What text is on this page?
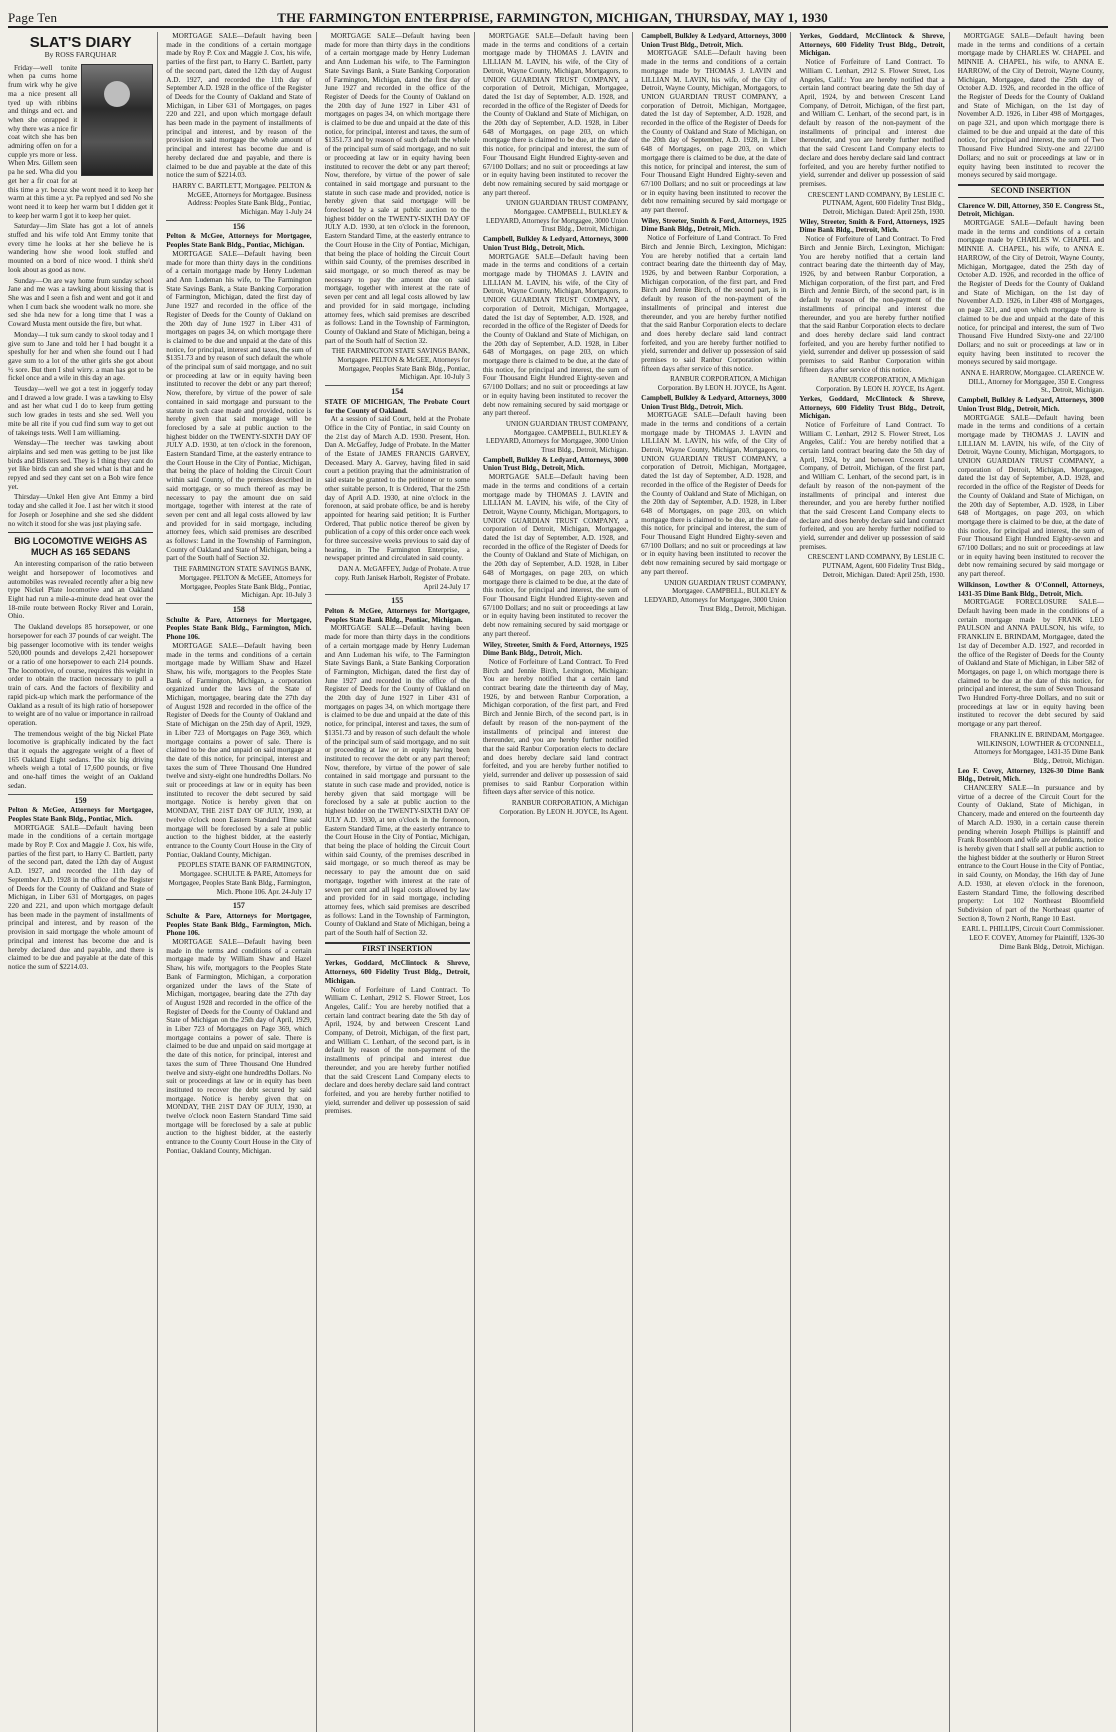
Page Ten	THE FARMINGTON ENTERPRISE, FARMINGTON, MICHIGAN, THURSDAY, MAY 1, 1930
SLAT'S DIARY
By ROSS FARQUHAR

Friday—well tonite when pa cums home frum wirk why he give ma a nice present all tyed up with ribbins and things and ect. and when she onrapped it why there was a nice fir coat witch she has ben admiring offen on for a cupple yrs more or less. When Mrs. Gillem seen pa he sed. Wha did you get her a fir coat for at this time a yr. becuz she wont need it to keep her warm at this time a yr. Pa replyed and sed No she wont need it to keep her warm but I didden get it to keep her warm I got it to keep her quiet.

Saturday—Jim Slate has got a lot of annels stuffed and his wife told Ant Emmy tonite that every time he looks at her she believe he is wandering how she wood look stuffed and mounted on a bord of nice wood. I think she'd look about as good as now.

Sunday—On are way home frum sunday school Jane and me was a tawking about kissing that is She was and I seen a fish and went and got it and when I cum back she woodent walk no more. she sed she hda new for a long time that I was a Coward Musta ment outside the fire, but what.

Monday—I tuk sum candy to skool today and I give sum to Jane and told her I had bought it a speshully for her and when she found out I had gave sum to a lot of the uther girls she got about ½ sore. But then I shul wirry. a man has got to be fickel once and a wile in this day an age.

Teusday—well we got a test in joggerfy today and I drawed a low grade. I was a tawking to Elsy and ast her what cud I do to keep frum getting such low grades in tests and she sed. Well you mite be all rite if you cud find sum way to get out of takeings tests. Well I am williaming.

Wensday—The teecher was tawking about airplains and sed men was getting to be just like birds and Blisters sed. They is I thing they cant do yet like birds can and she sed what is that and he repyed and sed they cant set on a Bob wire fence yet.

Thirsday—Unkel Hen give Ant Emmy a bird today and she called it Joe. I ast her witch it stood for Joseph or Josephine and she sed she diddent no witch it stood for she was just playing safe.

BIG LOCOMOTIVE WEIGHS AS MUCH AS 165 SEDANS

An interesting comparison of the ratio between weight and horsepower of locomotives and automobiles was revealed recently after a big new type Nickel Plate locomotive and an Oakland Eight had run a mile-a-minute dead heat over the 18-mile route between Rocky River and Lorain, Ohio.

The Oakland develops 85 horsepower, or one horsepower for each 37 pounds of car weight. The big passenger locomotive with its tender weighs 520,000 pounds and develops 2,421 horsepower or a ratio of one horsepower to each 214 pounds. The locomotive, of course, requires this weight in order to obtain the traction necessary to pull a train of cars. And the factors of flexibility and rapid pick-up which mark the performance of the Oakland as a result of its high ratio of horsepower to weight are of no value or importance in railroad operation.

The tremendous weight of the big Nickel Plate locomotive is graphically indicated by the fact that it equals the aggregate weight of a fleet of 165 Oakland Eight sedans. The six big driving wheels weigh a total of 17,600 pounds, or five and one-half times the weight of an Oakland sedan.

159
Pelton & McGee, Attorneys for Mortgagee, Peoples State Bank Bldg., Pontiac, Mich.

MORTGAGE SALE—Default having been made in the conditions of a certain mortgage made by Roy P. Cox and Maggie J. Cox, his wife, parties of the first part, to Harry C. Bartlett, party of the second part, dated the 12th day of August A.D. 1927, and recorded the 11th day of September A.D. 1928 in the office of the Register of Deeds for the County of Oakland and State of Michigan, in Liber 631 of Mortgages, on pages 220 and 221, and upon which mortgage default has been made in the payment of installments of principal and interest, and by reason of the provision in said mortgage the whole amount of principal and interest has become due and is hereby declared due and payable, and there is claimed to be due and payable at the date of this notice the sum of $2214.03.

MORTGAGE SALE—Default having been made in the conditions of a certain mortgage made by Roy P. Cox and Maggie J. Cox, his wife, parties of the first part, to Harry C. Bartlett, party of the second part, dated the 12th day of August A.D. 1927, and recorded the 11th day of September A.D. 1928 in the office of the Register of Deeds for the County of Oakland and State of Michigan, in Liber 631 of Mortgages, on pages 220 and 221, and upon which mortgage default has been made in the payment of installments of principal and interest, and by reason of the provision in said mortgage the whole amount of principal and interest has become due and is hereby declared due and payable, and there is claimed to be due and payable at the date of this notice the sum of $2214.03.

HARRY C. BARTLETT, Mortgagee. PELTON & McGEE, Attorneys for Mortgagee. Business Address: Peoples State Bank Bldg., Pontiac, Michigan. May 1-July 24
156
Pelton & McGee, Attorneys for Mortgagee, Peoples State Bank Bldg., Pontiac, Michigan.

MORTGAGE SALE—Default having been made for more than thirty days in the conditions of a certain mortgage made by Henry Ludeman and Ann Ludeman his wife, to The Farmington State Savings Bank, a State Banking Corporation of Farmington, Michigan, dated the first day of June 1927 and recorded in the office of the Register of Deeds for the County of Oakland on the 20th day of June 1927 in Liber 431 of mortgages on pages 34, on which mortgage there is claimed to be due and unpaid at the date of this notice, for principal, interest and taxes, the sum of $1351.73 and by reason of such default the whole of the principal sum of said mortgage, and no suit or proceeding at law or in equity having been instituted to recover the debt or any part thereof; Now, therefore, by virtue of the power of sale contained in said mortgage and pursuant to the statute in such case made and provided, notice is hereby given that said mortgage will be foreclosed by a sale at public auction to the highest bidder on the TWENTY-SIXTH DAY OF JULY A.D. 1930, at ten o'clock in the forenoon, Eastern Standard Time, at the easterly entrance to the Court House in the City of Pontiac, Michigan, that being the place of holding the Circuit Court within said County, of the premises described in said mortgage, or so much thereof as may be necessary to pay the amount due on said mortgage, together with interest at the rate of seven per cent and all legal costs allowed by law and provided for in said mortgage, including attorney fees, which said premises are described as follows: Land in the Township of Farmington, County of Oakland and State of Michigan, being a part of the South half of Section 32.

THE FARMINGTON STATE SAVINGS BANK, Mortgagee. PELTON & McGEE, Attorneys for Mortgagee, Peoples State Bank Bldg., Pontiac, Michigan. Apr. 10-July 3
158
Schulte & Pare, Attorneys for Mortgagee, Peoples State Bank Bldg., Farmington, Mich. Phone 106.

MORTGAGE SALE—Default having been made in the terms and conditions of a certain mortgage made by William Shaw and Hazel Shaw, his wife, mortgagors to the Peoples State Bank of Farmington, Michigan, a corporation organized under the laws of the State of Michigan, mortgagee, bearing date the 27th day of August 1928 and recorded in the office of the Register of Deeds for the County of Oakland and State of Michigan on the 25th day of April, 1929, in Liber 723 of Mortgages on Page 369, which mortgage contains a power of sale. There is claimed to be due and unpaid on said mortgage at the date of this notice, for principal, interest and taxes the sum of Three Thousand One Hundred twelve and sixty-eight one hundredths Dollars. No suit or proceedings at law or in equity has been instituted to recover the debt secured by said mortgage. Notice is hereby given that on MONDAY, THE 21ST DAY OF JULY, 1930, at twelve o'clock noon Eastern Standard Time said mortgage will be foreclosed by a sale at public auction to the highest bidder, at the easterly entrance to the County Court House in the City of Pontiac, Oakland County, Michigan.

PEOPLES STATE BANK OF FARMINGTON, Mortgagee. SCHULTE & PARE, Attorneys for Mortgagee, Peoples State Bank Bldg., Farmington, Mich. Phone 106. Apr. 24-July 17
157
Schulte & Pare, Attorneys for Mortgagee, Peoples State Bank Bldg., Farmington, Mich. Phone 106.

MORTGAGE SALE—Default having been made in the terms and conditions of a certain mortgage made by William Shaw and Hazel Shaw, his wife, mortgagors to the Peoples State Bank of Farmington, Michigan, a corporation organized under the laws of the State of Michigan, mortgagee, bearing date the 27th day of August 1928 and recorded in the office of the Register of Deeds for the County of Oakland and State of Michigan on the 25th day of April, 1929, in Liber 723 of Mortgages on Page 369, which mortgage contains a power of sale. There is claimed to be due and unpaid on said mortgage at the date of this notice, for principal, interest and taxes the sum of Three Thousand One Hundred twelve and sixty-eight one hundredths Dollars. No suit or proceedings at law or in equity has been instituted to recover the debt secured by said mortgage. Notice is hereby given that on MONDAY, THE 21ST DAY OF JULY, 1930, at twelve o'clock noon Eastern Standard Time said mortgage will be foreclosed by a sale at public auction to the highest bidder, at the easterly entrance to the County Court House in the City of Pontiac, Oakland County, Michigan.

MORTGAGE SALE—Default having been made for more than thirty days in the conditions of a certain mortgage made by Henry Ludeman and Ann Ludeman his wife, to The Farmington State Savings Bank, a State Banking Corporation of Farmington, Michigan, dated the first day of June 1927 and recorded in the office of the Register of Deeds for the County of Oakland on the 20th day of June 1927 in Liber 431 of mortgages on pages 34, on which mortgage there is claimed to be due and unpaid at the date of this notice, for principal, interest and taxes, the sum of $1351.73 and by reason of such default the whole of the principal sum of said mortgage, and no suit or proceeding at law or in equity having been instituted to recover the debt or any part thereof; Now, therefore, by virtue of the power of sale contained in said mortgage and pursuant to the statute in such case made and provided, notice is hereby given that said mortgage will be foreclosed by a sale at public auction to the highest bidder on the TWENTY-SIXTH DAY OF JULY A.D. 1930, at ten o'clock in the forenoon, Eastern Standard Time, at the easterly entrance to the Court House in the City of Pontiac, Michigan, that being the place of holding the Circuit Court within said County, of the premises described in said mortgage, or so much thereof as may be necessary to pay the amount due on said mortgage, together with interest at the rate of seven per cent and all legal costs allowed by law and provided for in said mortgage, including attorney fees, which said premises are described as follows: Land in the Township of Farmington, County of Oakland and State of Michigan, being a part of the South half of Section 32.

THE FARMINGTON STATE SAVINGS BANK, Mortgagee. PELTON & McGEE, Attorneys for Mortgagee, Peoples State Bank Bldg., Pontiac, Michigan. Apr. 10-July 3
154
STATE OF MICHIGAN, The Probate Court for the County of Oakland.

At a session of said Court, held at the Probate Office in the City of Pontiac, in said County on the 21st day of March A.D. 1930. Present, Hon. Dan A. McGaffey, Judge of Probate. In the Matter of the Estate of JAMES FRANCIS GARVEY, Deceased. Mary A. Garvey, having filed in said court a petition praying that the administration of said estate be granted to the petitioner or to some other suitable person, It is Ordered, That the 25th day of April A.D. 1930, at nine o'clock in the forenoon, at said probate office, be and is hereby appointed for hearing said petition; It is Further Ordered, That public notice thereof be given by publication of a copy of this order once each week for three successive weeks previous to said day of hearing, in The Farmington Enterprise, a newspaper printed and circulated in said county.

DAN A. McGAFFEY, Judge of Probate. A true copy. Ruth Janisek Harbolt, Register of Probate. April 24-July 17
155
Pelton & McGee, Attorneys for Mortgagee, Peoples State Bank Bldg., Pontiac, Michigan.

MORTGAGE SALE—Default having been made for more than thirty days in the conditions of a certain mortgage made by Henry Ludeman and Ann Ludeman his wife, to The Farmington State Savings Bank, a State Banking Corporation of Farmington, Michigan, dated the first day of June 1927 and recorded in the office of the Register of Deeds for the County of Oakland on the 20th day of June 1927 in Liber 431 of mortgages on pages 34, on which mortgage there is claimed to be due and unpaid at the date of this notice, for principal, interest and taxes, the sum of $1351.73 and by reason of such default the whole of the principal sum of said mortgage, and no suit or proceeding at law or in equity having been instituted to recover the debt or any part thereof; Now, therefore, by virtue of the power of sale contained in said mortgage and pursuant to the statute in such case made and provided, notice is hereby given that said mortgage will be foreclosed by a sale at public auction to the highest bidder on the TWENTY-SIXTH DAY OF JULY A.D. 1930, at ten o'clock in the forenoon, Eastern Standard Time, at the easterly entrance to the Court House in the City of Pontiac, Michigan, that being the place of holding the Circuit Court within said County, of the premises described in said mortgage, or so much thereof as may be necessary to pay the amount due on said mortgage, together with interest at the rate of seven per cent and all legal costs allowed by law and provided for in said mortgage, including attorney fees, which said premises are described as follows: Land in the Township of Farmington, County of Oakland and State of Michigan, being a part of the South half of Section 32.

FIRST INSERTION
Yerkes, Goddard, McClintock & Shreve, Attorneys, 600 Fidelity Trust Bldg., Detroit, Michigan.

Notice of Forfeiture of Land Contract. To William C. Lenhart, 2912 S. Flower Street, Los Angeles, Calif.: You are hereby notified that a certain land contract bearing date the 5th day of April, 1924, by and between Crescent Land Company, of Detroit, Michigan, of the first part, and William C. Lenhart, of the second part, is in default by reason of the non-payment of the installments of principal and interest due thereunder, and you are hereby further notified that the said Crescent Land Company elects to declare and does hereby declare said land contract forfeited, and you are hereby further notified to yield, surrender and deliver up possession of said premises.

MORTGAGE SALE—Default having been made in the terms and conditions of a certain mortgage made by THOMAS J. LAVIN and LILLIAN M. LAVIN, his wife, of the City of Detroit, Wayne County, Michigan, Mortgagors, to UNION GUARDIAN TRUST COMPANY, a corporation of Detroit, Michigan, Mortgagee, dated the 1st day of September, A.D. 1928, and recorded in the office of the Register of Deeds for the County of Oakland and State of Michigan, on the 20th day of September, A.D. 1928, in Liber 648 of Mortgages, on page 203, on which mortgage there is claimed to be due, at the date of this notice, for principal and interest, the sum of Four Thousand Eight Hundred Eighty-seven and 67/100 Dollars; and no suit or proceedings at law or in equity having been instituted to recover the debt now remaining secured by said mortgage or any part thereof.

UNION GUARDIAN TRUST COMPANY, Mortgagee. CAMPBELL, BULKLEY & LEDYARD, Attorneys for Mortgagee, 3000 Union Trust Bldg., Detroit, Michigan.
Campbell, Bulkley & Ledyard, Attorneys, 3000 Union Trust Bldg., Detroit, Mich.

MORTGAGE SALE—Default having been made in the terms and conditions of a certain mortgage made by THOMAS J. LAVIN and LILLIAN M. LAVIN, his wife, of the City of Detroit, Wayne County, Michigan, Mortgagors, to UNION GUARDIAN TRUST COMPANY, a corporation of Detroit, Michigan, Mortgagee, dated the 1st day of September, A.D. 1928, and recorded in the office of the Register of Deeds for the County of Oakland and State of Michigan, on the 20th day of September, A.D. 1928, in Liber 648 of Mortgages, on page 203, on which mortgage there is claimed to be due, at the date of this notice, for principal and interest, the sum of Four Thousand Eight Hundred Eighty-seven and 67/100 Dollars; and no suit or proceedings at law or in equity having been instituted to recover the debt now remaining secured by said mortgage or any part thereof.

UNION GUARDIAN TRUST COMPANY, Mortgagee. CAMPBELL, BULKLEY & LEDYARD, Attorneys for Mortgagee, 3000 Union Trust Bldg., Detroit, Michigan.
Campbell, Bulkley & Ledyard, Attorneys, 3000 Union Trust Bldg., Detroit, Mich.

MORTGAGE SALE—Default having been made in the terms and conditions of a certain mortgage made by THOMAS J. LAVIN and LILLIAN M. LAVIN, his wife, of the City of Detroit, Wayne County, Michigan, Mortgagors, to UNION GUARDIAN TRUST COMPANY, a corporation of Detroit, Michigan, Mortgagee, dated the 1st day of September, A.D. 1928, and recorded in the office of the Register of Deeds for the County of Oakland and State of Michigan, on the 20th day of September, A.D. 1928, in Liber 648 of Mortgages, on page 203, on which mortgage there is claimed to be due, at the date of this notice, for principal and interest, the sum of Four Thousand Eight Hundred Eighty-seven and 67/100 Dollars; and no suit or proceedings at law or in equity having been instituted to recover the debt now remaining secured by said mortgage or any part thereof.

Wiley, Streeter, Smith & Ford, Attorneys, 1925 Dime Bank Bldg., Detroit, Mich.

Notice of Forfeiture of Land Contract. To Fred Birch and Jennie Birch, Lexington, Michigan: You are hereby notified that a certain land contract bearing date the thirteenth day of May, 1926, by and between Ranbur Corporation, a Michigan corporation, of the first part, and Fred Birch and Jennie Birch, of the second part, is in default by reason of the non-payment of the installments of principal and interest due thereunder, and you are hereby further notified that the said Ranbur Corporation elects to declare and does hereby declare said land contract forfeited, and you are hereby further notified to yield, surrender and deliver up possession of said premises to said Ranbur Corporation within fifteen days after service of this notice.

RANBUR CORPORATION, A Michigan Corporation. By LEON H. JOYCE, Its Agent.
Campbell, Bulkley & Ledyard, Attorneys, 3000 Union Trust Bldg., Detroit, Mich.

MORTGAGE SALE—Default having been made in the terms and conditions of a certain mortgage made by THOMAS J. LAVIN and LILLIAN M. LAVIN, his wife, of the City of Detroit, Wayne County, Michigan, Mortgagors, to UNION GUARDIAN TRUST COMPANY, a corporation of Detroit, Michigan, Mortgagee, dated the 1st day of September, A.D. 1928, and recorded in the office of the Register of Deeds for the County of Oakland and State of Michigan, on the 20th day of September, A.D. 1928, in Liber 648 of Mortgages, on page 203, on which mortgage there is claimed to be due, at the date of this notice, for principal and interest, the sum of Four Thousand Eight Hundred Eighty-seven and 67/100 Dollars; and no suit or proceedings at law or in equity having been instituted to recover the debt now remaining secured by said mortgage or any part thereof.

Wiley, Streeter, Smith & Ford, Attorneys, 1925 Dime Bank Bldg., Detroit, Mich.

Notice of Forfeiture of Land Contract. To Fred Birch and Jennie Birch, Lexington, Michigan: You are hereby notified that a certain land contract bearing date the thirteenth day of May, 1926, by and between Ranbur Corporation, a Michigan corporation, of the first part, and Fred Birch and Jennie Birch, of the second part, is in default by reason of the non-payment of the installments of principal and interest due thereunder, and you are hereby further notified that the said Ranbur Corporation elects to declare and does hereby declare said land contract forfeited, and you are hereby further notified to yield, surrender and deliver up possession of said premises to said Ranbur Corporation within fifteen days after service of this notice.

RANBUR CORPORATION, A Michigan Corporation. By LEON H. JOYCE, Its Agent.
Campbell, Bulkley & Ledyard, Attorneys, 3000 Union Trust Bldg., Detroit, Mich.

MORTGAGE SALE—Default having been made in the terms and conditions of a certain mortgage made by THOMAS J. LAVIN and LILLIAN M. LAVIN, his wife, of the City of Detroit, Wayne County, Michigan, Mortgagors, to UNION GUARDIAN TRUST COMPANY, a corporation of Detroit, Michigan, Mortgagee, dated the 1st day of September, A.D. 1928, and recorded in the office of the Register of Deeds for the County of Oakland and State of Michigan, on the 20th day of September, A.D. 1928, in Liber 648 of Mortgages, on page 203, on which mortgage there is claimed to be due, at the date of this notice, for principal and interest, the sum of Four Thousand Eight Hundred Eighty-seven and 67/100 Dollars; and no suit or proceedings at law or in equity having been instituted to recover the debt now remaining secured by said mortgage or any part thereof.

UNION GUARDIAN TRUST COMPANY, Mortgagee. CAMPBELL, BULKLEY & LEDYARD, Attorneys for Mortgagee, 3000 Union Trust Bldg., Detroit, Michigan.
Yerkes, Goddard, McClintock & Shreve, Attorneys, 600 Fidelity Trust Bldg., Detroit, Michigan.

Notice of Forfeiture of Land Contract. To William C. Lenhart, 2912 S. Flower Street, Los Angeles, Calif.: You are hereby notified that a certain land contract bearing date the 5th day of April, 1924, by and between Crescent Land Company, of Detroit, Michigan, of the first part, and William C. Lenhart, of the second part, is in default by reason of the non-payment of the installments of principal and interest due thereunder, and you are hereby further notified that the said Crescent Land Company elects to declare and does hereby declare said land contract forfeited, and you are hereby further notified to yield, surrender and deliver up possession of said premises.

CRESCENT LAND COMPANY, By LESLIE C. PUTNAM, Agent, 600 Fidelity Trust Bldg., Detroit, Michigan. Dated: April 25th, 1930.
Wiley, Streeter, Smith & Ford, Attorneys, 1925 Dime Bank Bldg., Detroit, Mich.

Notice of Forfeiture of Land Contract. To Fred Birch and Jennie Birch, Lexington, Michigan: You are hereby notified that a certain land contract bearing date the thirteenth day of May, 1926, by and between Ranbur Corporation, a Michigan corporation, of the first part, and Fred Birch and Jennie Birch, of the second part, is in default by reason of the non-payment of the installments of principal and interest due thereunder, and you are hereby further notified that the said Ranbur Corporation elects to declare and does hereby declare said land contract forfeited, and you are hereby further notified to yield, surrender and deliver up possession of said premises to said Ranbur Corporation within fifteen days after service of this notice.

RANBUR CORPORATION, A Michigan Corporation. By LEON H. JOYCE, Its Agent.
Yerkes, Goddard, McClintock & Shreve, Attorneys, 600 Fidelity Trust Bldg., Detroit, Michigan.

Notice of Forfeiture of Land Contract. To William C. Lenhart, 2912 S. Flower Street, Los Angeles, Calif.: You are hereby notified that a certain land contract bearing date the 5th day of April, 1924, by and between Crescent Land Company, of Detroit, Michigan, of the first part, and William C. Lenhart, of the second part, is in default by reason of the non-payment of the installments of principal and interest due thereunder, and you are hereby further notified that the said Crescent Land Company elects to declare and does hereby declare said land contract forfeited, and you are hereby further notified to yield, surrender and deliver up possession of said premises.

CRESCENT LAND COMPANY, By LESLIE C. PUTNAM, Agent, 600 Fidelity Trust Bldg., Detroit, Michigan. Dated: April 25th, 1930.

MORTGAGE SALE—Default having been made in the terms and conditions of a certain mortgage made by CHARLES W. CHAPEL and MINNIE A. CHAPEL, his wife, to ANNA E. HARROW, of the City of Detroit, Wayne County, Michigan, Mortgagee, dated the 25th day of October A.D. 1926, and recorded in the office of the Register of Deeds for the County of Oakland and State of Michigan, on the 1st day of November A.D. 1926, in Liber 498 of Mortgages, on page 321, and upon which mortgage there is claimed to be due and unpaid at the date of this notice, for principal and interest, the sum of Two Thousand Five Hundred Sixty-one and 22/100 Dollars; and no suit or proceedings at law or in equity having been instituted to recover the moneys secured by said mortgage.

SECOND INSERTION
Clarence W. Dill, Attorney, 350 E. Congress St., Detroit, Michigan.

MORTGAGE SALE—Default having been made in the terms and conditions of a certain mortgage made by CHARLES W. CHAPEL and MINNIE A. CHAPEL, his wife, to ANNA E. HARROW, of the City of Detroit, Wayne County, Michigan, Mortgagee, dated the 25th day of October A.D. 1926, and recorded in the office of the Register of Deeds for the County of Oakland and State of Michigan, on the 1st day of November A.D. 1926, in Liber 498 of Mortgages, on page 321, and upon which mortgage there is claimed to be due and unpaid at the date of this notice, for principal and interest, the sum of Two Thousand Five Hundred Sixty-one and 22/100 Dollars; and no suit or proceedings at law or in equity having been instituted to recover the moneys secured by said mortgage.

ANNA E. HARROW, Mortgagee. CLARENCE W. DILL, Attorney for Mortgagee, 350 E. Congress St., Detroit, Michigan.
Campbell, Bulkley & Ledyard, Attorneys, 3000 Union Trust Bldg., Detroit, Mich.

MORTGAGE SALE—Default having been made in the terms and conditions of a certain mortgage made by THOMAS J. LAVIN and LILLIAN M. LAVIN, his wife, of the City of Detroit, Wayne County, Michigan, Mortgagors, to UNION GUARDIAN TRUST COMPANY, a corporation of Detroit, Michigan, Mortgagee, dated the 1st day of September, A.D. 1928, and recorded in the office of the Register of Deeds for the County of Oakland and State of Michigan, on the 20th day of September, A.D. 1928, in Liber 648 of Mortgages, on page 203, on which mortgage there is claimed to be due, at the date of this notice, for principal and interest, the sum of Four Thousand Eight Hundred Eighty-seven and 67/100 Dollars; and no suit or proceedings at law or in equity having been instituted to recover the debt now remaining secured by said mortgage or any part thereof.

Wilkinson, Lowther & O'Connell, Attorneys, 1431-35 Dime Bank Bldg., Detroit, Mich.

MORTGAGE FORECLOSURE SALE—Default having been made in the conditions of a certain mortgage made by FRANK LEO PAULSON and ANNA PAULSON, his wife, to FRANKLIN E. BRINDAM, Mortgagee, dated the 1st day of December A.D. 1927, and recorded in the office of the Register of Deeds for the County of Oakland and State of Michigan, in Liber 582 of Mortgages, on page 1, on which mortgage there is claimed to be due at the date of this notice, for principal and interest, the sum of Seven Thousand Two Hundred Forty-three Dollars, and no suit or proceedings at law or in equity having been instituted to recover the debt secured by said mortgage or any part thereof.

FRANKLIN E. BRINDAM, Mortgagee. WILKINSON, LOWTHER & O'CONNELL, Attorneys for Mortgagee, 1431-35 Dime Bank Bldg., Detroit, Michigan.
Leo F. Covey, Attorney, 1326-30 Dime Bank Bldg., Detroit, Mich.

CHANCERY SALE—In pursuance and by virtue of a decree of the Circuit Court for the County of Oakland, State of Michigan, in Chancery, made and entered on the fourteenth day of March A.D. 1930, in a certain cause therein pending wherein Joseph Phillips is plaintiff and Frank Rosenbloom and wife are defendants, notice is hereby given that I shall sell at public auction to the highest bidder at the southerly or Huron Street entrance to the Court House in the City of Pontiac, in said County, on Monday, the 16th day of June A.D. 1930, at eleven o'clock in the forenoon, Eastern Standard Time, the following described property: Lot 102 Northeast Bloomfield Subdivision of part of the Northeast quarter of Section 8, Town 2 North, Range 10 East.

EARL L. PHILLIPS, Circuit Court Commissioner. LEO F. COVEY, Attorney for Plaintiff, 1326-30 Dime Bank Bldg., Detroit, Michigan.
